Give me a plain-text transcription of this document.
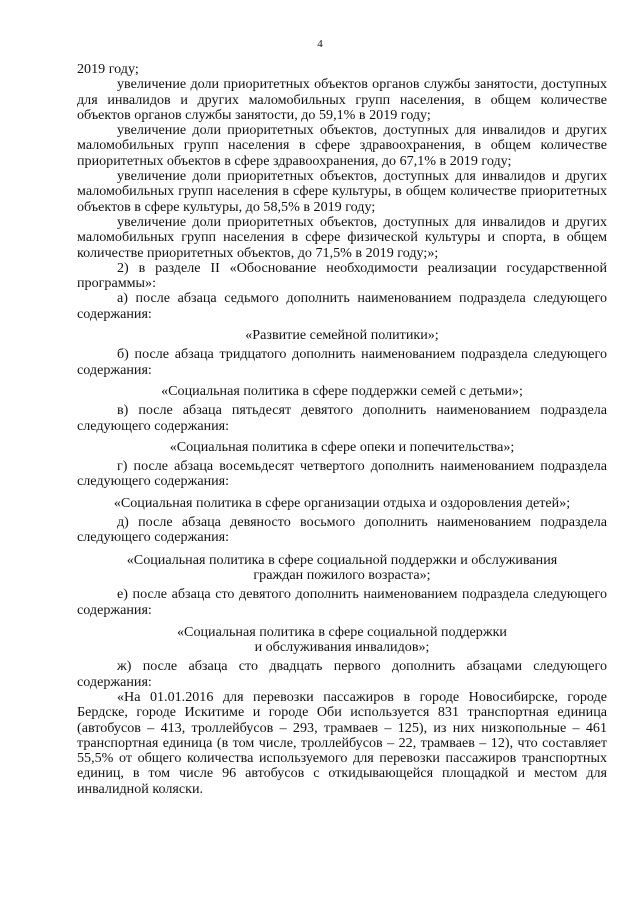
4

2019 году;

увеличение доли приоритетных объектов органов службы занятости, доступных для инвалидов и других маломобильных групп населения, в общем количестве объектов органов службы занятости, до 59,1% в 2019 году;

увеличение доли приоритетных объектов, доступных для инвалидов и других маломобильных групп населения в сфере здравоохранения, в общем количестве приоритетных объектов в сфере здравоохранения, до 67,1% в 2019 году;

увеличение доли приоритетных объектов, доступных для инвалидов и других маломобильных групп населения в сфере культуры, в общем количестве приоритетных объектов в сфере культуры, до 58,5% в 2019 году;

увеличение доли приоритетных объектов, доступных для инвалидов и других маломобильных групп населения в сфере физической культуры и спорта, в общем количестве приоритетных объектов, до 71,5% в 2019 году;»;

2) в разделе II «Обоснование необходимости реализации государственной программы»:

а) после абзаца седьмого дополнить наименованием подраздела следующего содержания:

«Развитие семейной политики»;

б) после абзаца тридцатого дополнить наименованием подраздела следующего содержания:

«Социальная политика в сфере поддержки семей с детьми»;

в) после абзаца пятьдесят девятого дополнить наименованием подраздела следующего содержания:

«Социальная политика в сфере опеки и попечительства»;

г) после абзаца восемьдесят четвертого дополнить наименованием подраздела следующего содержания:

«Социальная политика в сфере организации отдыха и оздоровления детей»;

д) после абзаца девяносто восьмого дополнить наименованием подраздела следующего содержания:

«Социальная политика в сфере социальной поддержки и обслуживания
граждан пожилого возраста»;

е) после абзаца сто девятого дополнить наименованием подраздела следующего содержания:

«Социальная политика в сфере социальной поддержки
и обслуживания инвалидов»;

ж) после абзаца сто двадцать первого дополнить абзацами следующего содержания:

«На 01.01.2016 для перевозки пассажиров в городе Новосибирске, городе Бердске, городе Искитиме и городе Оби используется 831 транспортная единица (автобусов – 413, троллейбусов – 293, трамваев – 125), из них низкопольные – 461 транспортная единица (в том числе, троллейбусов – 22, трамваев – 12), что составляет 55,5% от общего количества используемого для перевозки пассажиров транспортных единиц, в том числе 96 автобусов с откидывающейся площадкой и местом для инвалидной коляски.
